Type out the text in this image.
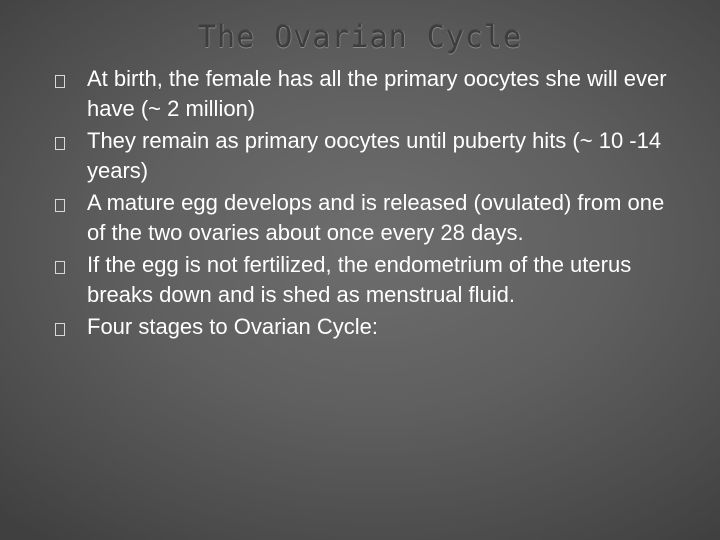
The Ovarian Cycle
At birth, the female has all the primary oocytes she will ever have (~ 2 million)
They remain as primary oocytes until puberty hits (~ 10 -14 years)
A mature egg develops and is released (ovulated) from one of the two ovaries about once every 28 days.
If the egg is not fertilized, the endometrium of the uterus breaks down and is shed as menstrual fluid.
Four stages to Ovarian Cycle:
